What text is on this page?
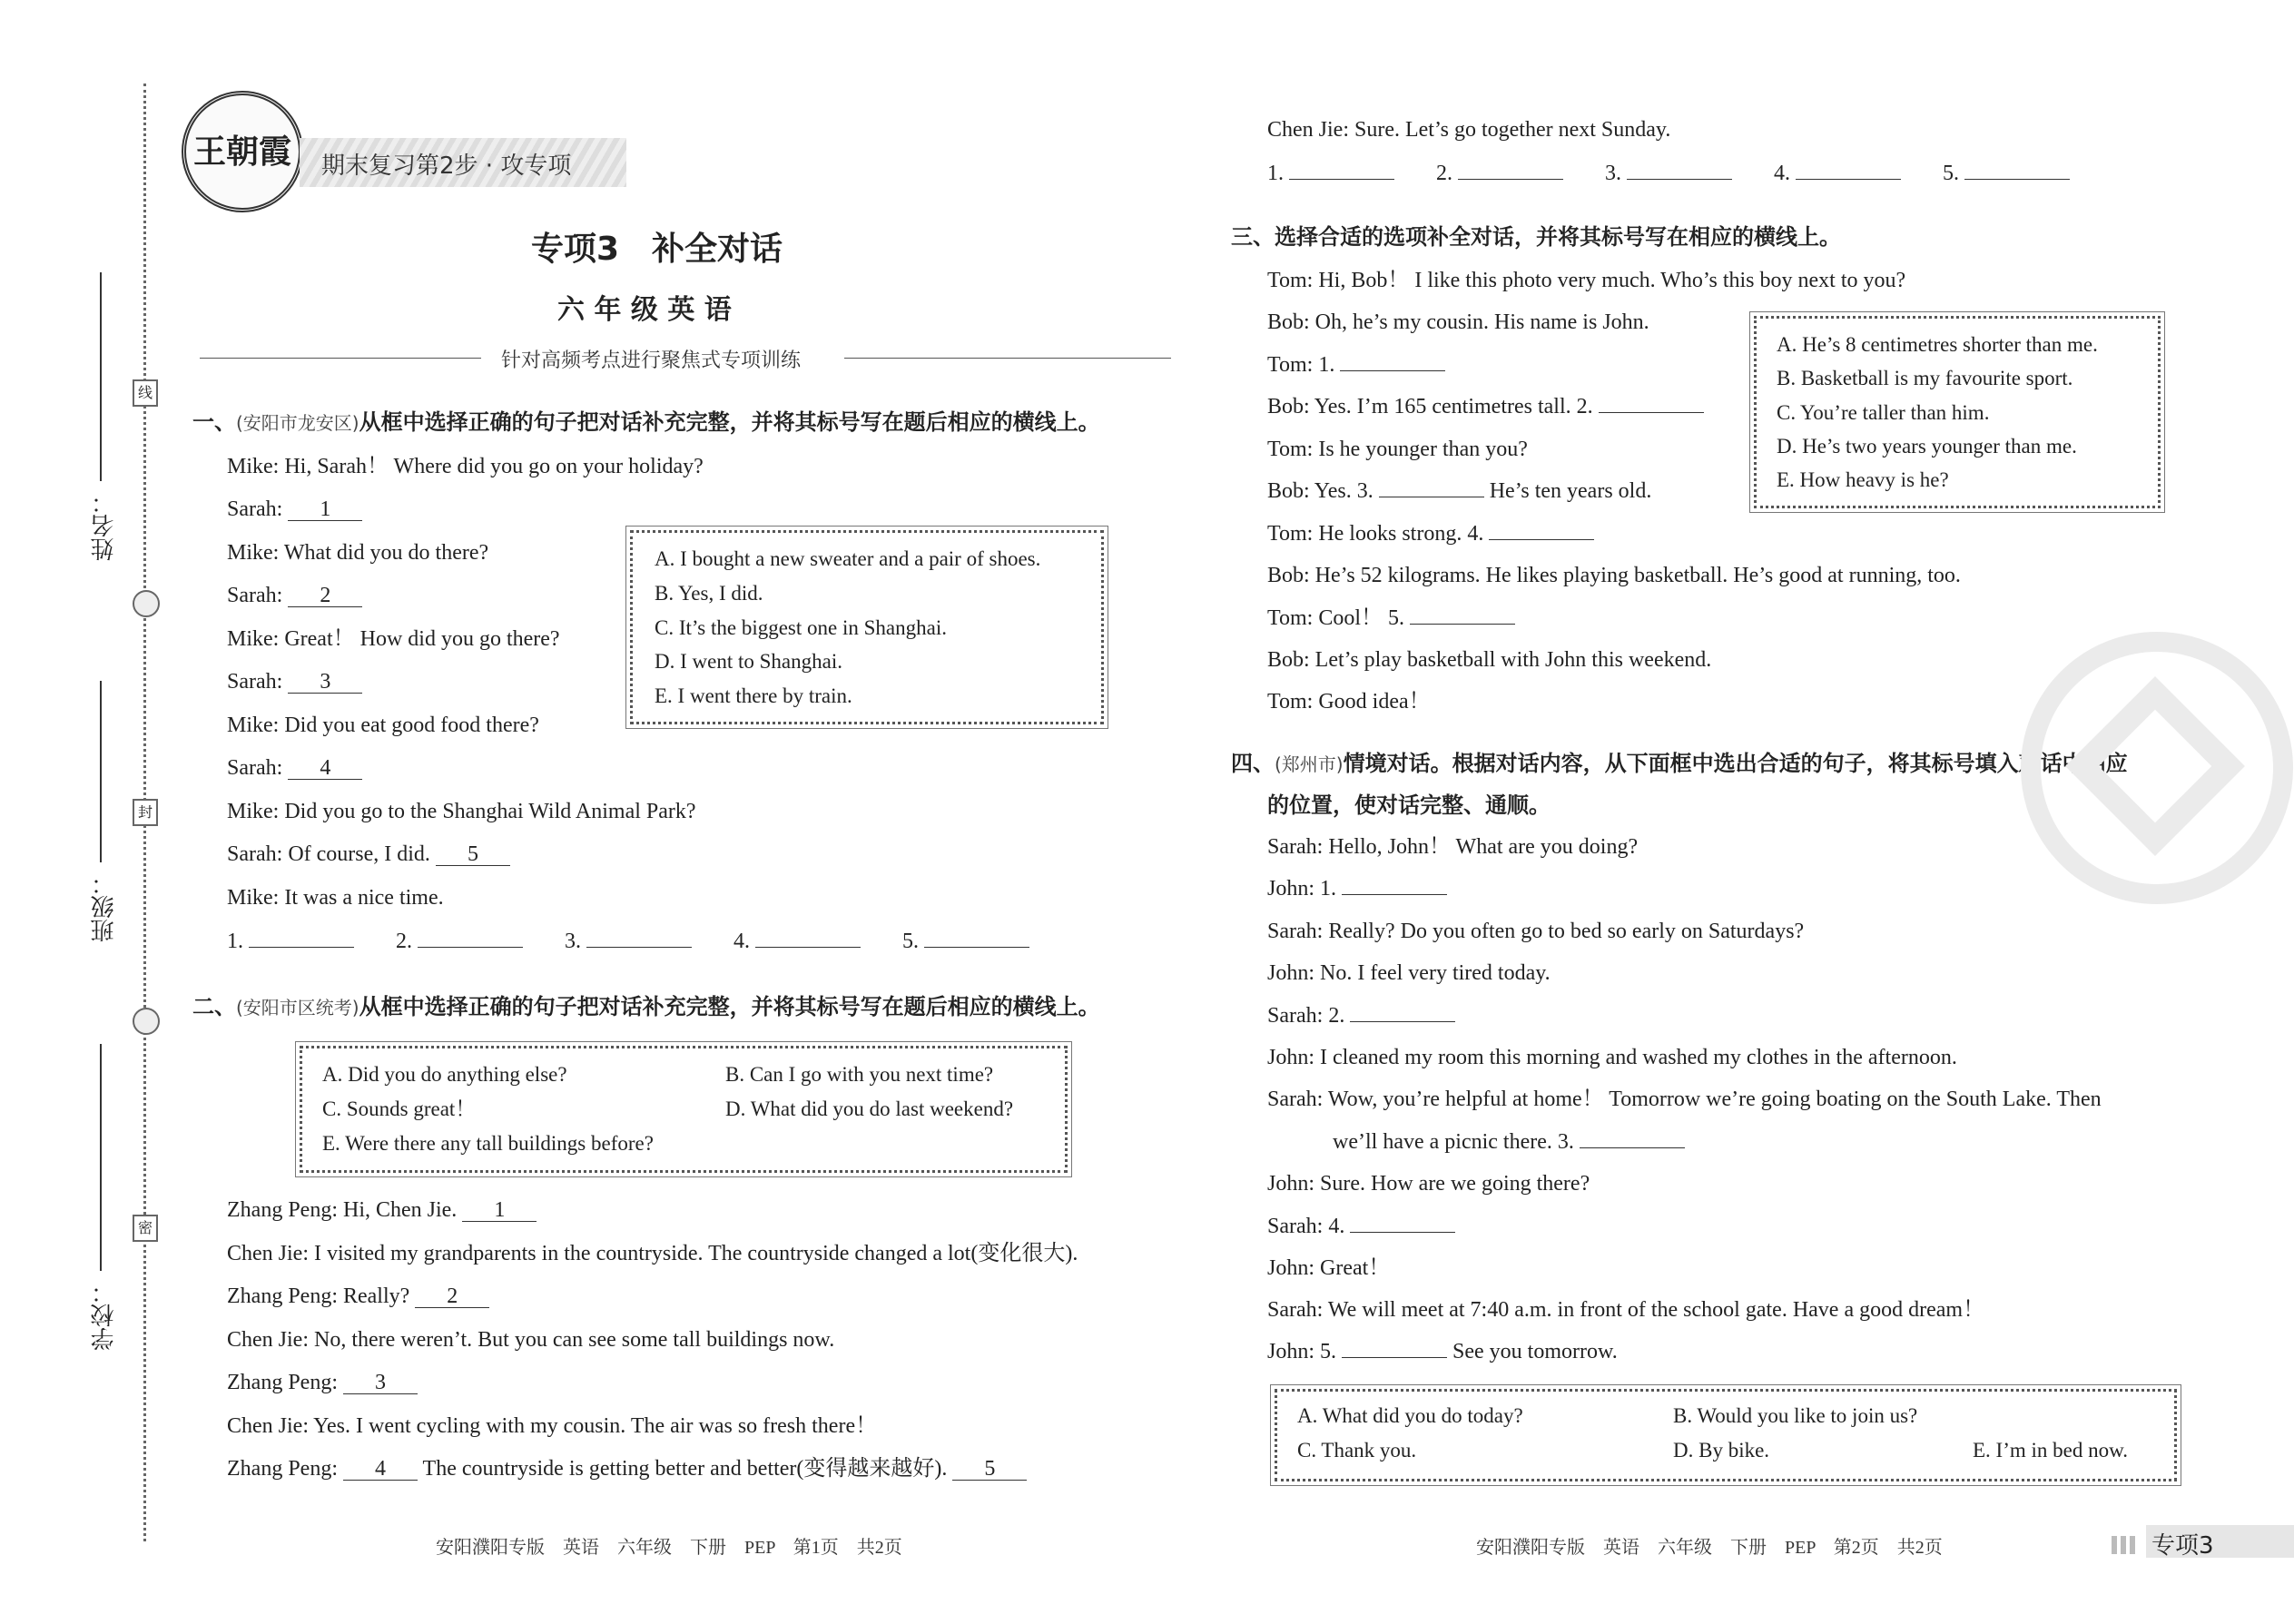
线
封
密
姓名：
班级：
学校：
王朝霞	期末复习第2步 · 攻专项
专项3　补全对话
六 年 级 英 语
针对高频考点进行聚焦式专项训练
一、(安阳市龙安区)从框中选择正确的句子把对话补充完整，并将其标号写在题后相应的横线上。
Mike: Hi, Sarah！ Where did you go on your holiday?
Sarah: 1
Mike: What did you do there?
Sarah: 2
Mike: Great！ How did you go there?
Sarah: 3
Mike: Did you eat good food there?
Sarah: 4
Mike: Did you go to the Shanghai Wild Animal Park?
Sarah: Of course, I did. 5
Mike: It was a nice time.
1.	2.	3.	4.	5.
A. I bought a new sweater and a pair of shoes.
B. Yes, I did.
C. It’s the biggest one in Shanghai.
D. I went to Shanghai.
E. I went there by train.
二、(安阳市区统考)从框中选择正确的句子把对话补充完整，并将其标号写在题后相应的横线上。
A. Did you do anything else?	B. Can I go with you next time?
C. Sounds great！	D. What did you do last weekend?
E. Were there any tall buildings before?
Zhang Peng: Hi, Chen Jie. 1
Chen Jie: I visited my grandparents in the countryside. The countryside changed a lot(变化很大).
Zhang Peng: Really? 2
Chen Jie: No, there weren’t. But you can see some tall buildings now.
Zhang Peng: 3
Chen Jie: Yes. I went cycling with my cousin. The air was so fresh there！
Zhang Peng: 4 The countryside is getting better and better(变得越来越好). 5
Chen Jie: Sure. Let’s go together next Sunday.
1.	2.	3.	4.	5.
三、选择合适的选项补全对话，并将其标号写在相应的横线上。
Tom: Hi, Bob！ I like this photo very much. Who’s this boy next to you?
Bob: Oh, he’s my cousin. His name is John.
Tom: 1.
Bob: Yes. I’m 165 centimetres tall. 2.
Tom: Is he younger than you?
Bob: Yes. 3.	He’s ten years old.
Tom: He looks strong. 4.
Bob: He’s 52 kilograms. He likes playing basketball. He’s good at running, too.
Tom: Cool！ 5.
Bob: Let’s play basketball with John this weekend.
Tom: Good idea！
A. He’s 8 centimetres shorter than me.
B. Basketball is my favourite sport.
C. You’re taller than him.
D. He’s two years younger than me.
E. How heavy is he?
四、(郑州市)情境对话。根据对话内容，从下面框中选出合适的句子，将其标号填入对话中相应
的位置，使对话完整、通顺。
Sarah: Hello, John！ What are you doing?
John: 1.
Sarah: Really? Do you often go to bed so early on Saturdays?
John: No. I feel very tired today.
Sarah: 2.
John: I cleaned my room this morning and washed my clothes in the afternoon.
Sarah: Wow, you’re helpful at home！ Tomorrow we’re going boating on the South Lake. Then
we’ll have a picnic there. 3.
John: Sure. How are we going there?
Sarah: 4.
John: Great！
Sarah: We will meet at 7:40 a.m. in front of the school gate. Have a good dream！
John: 5.	See you tomorrow.
A. What did you do today?	B. Would you like to join us?
C. Thank you.	D. By bike.	E. I’m in bed now.
安阳濮阳专版　英语　六年级　下册　PEP　第1页　共2页	安阳濮阳专版　英语　六年级　下册　PEP　第2页　共2页	专项3
